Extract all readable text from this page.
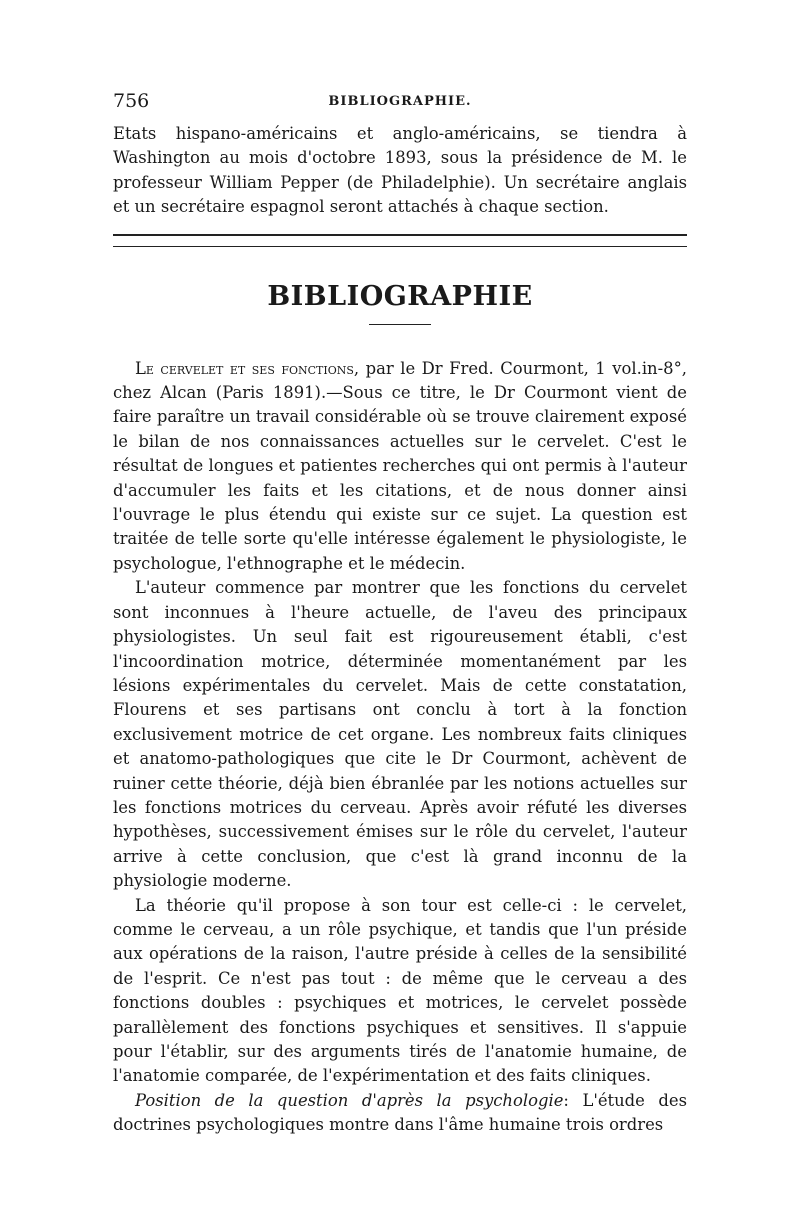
756	BIBLIOGRAPHIE.

Etats hispano-américains et anglo-américains, se tiendra à Washington au mois d'octobre 1893, sous la présidence de M. le professeur William Pepper (de Philadelphie). Un secrétaire anglais et un secrétaire espagnol seront attachés à chaque section.

BIBLIOGRAPHIE

Le cervelet et ses fonctions, par le Dr Fred. Courmont, 1 vol.in-8°, chez Alcan (Paris 1891).—Sous ce titre, le Dr Courmont vient de faire paraître un travail considérable où se trouve clairement exposé le bilan de nos connaissances actuelles sur le cervelet. C'est le résultat de longues et patientes recherches qui ont permis à l'auteur d'accumuler les faits et les citations, et de nous donner ainsi l'ouvrage le plus étendu qui existe sur ce sujet. La question est traitée de telle sorte qu'elle intéresse également le physiologiste, le psychologue, l'ethnographe et le médecin.

L'auteur commence par montrer que les fonctions du cervelet sont inconnues à l'heure actuelle, de l'aveu des principaux physiologistes. Un seul fait est rigoureusement établi, c'est l'incoordination motrice, déterminée momentanément par les lésions expérimentales du cervelet. Mais de cette constatation, Flourens et ses partisans ont conclu à tort à la fonction exclusivement motrice de cet organe. Les nombreux faits cliniques et anatomo-pathologiques que cite le Dr Courmont, achèvent de ruiner cette théorie, déjà bien ébranlée par les notions actuelles sur les fonctions motrices du cerveau. Après avoir réfuté les diverses hypothèses, successivement émises sur le rôle du cervelet, l'auteur arrive à cette conclusion, que c'est là grand inconnu de la physiologie moderne.

La théorie qu'il propose à son tour est celle-ci : le cervelet, comme le cerveau, a un rôle psychique, et tandis que l'un préside aux opérations de la raison, l'autre préside à celles de la sensibilité de l'esprit. Ce n'est pas tout : de même que le cerveau a des fonctions doubles : psychiques et motrices, le cervelet possède parallèlement des fonctions psychiques et sensitives. Il s'appuie pour l'établir, sur des arguments tirés de l'anatomie humaine, de l'anatomie comparée, de l'expérimentation et des faits cliniques.

Position de la question d'après la psychologie: L'étude des doctrines psychologiques montre dans l'âme humaine trois ordres
